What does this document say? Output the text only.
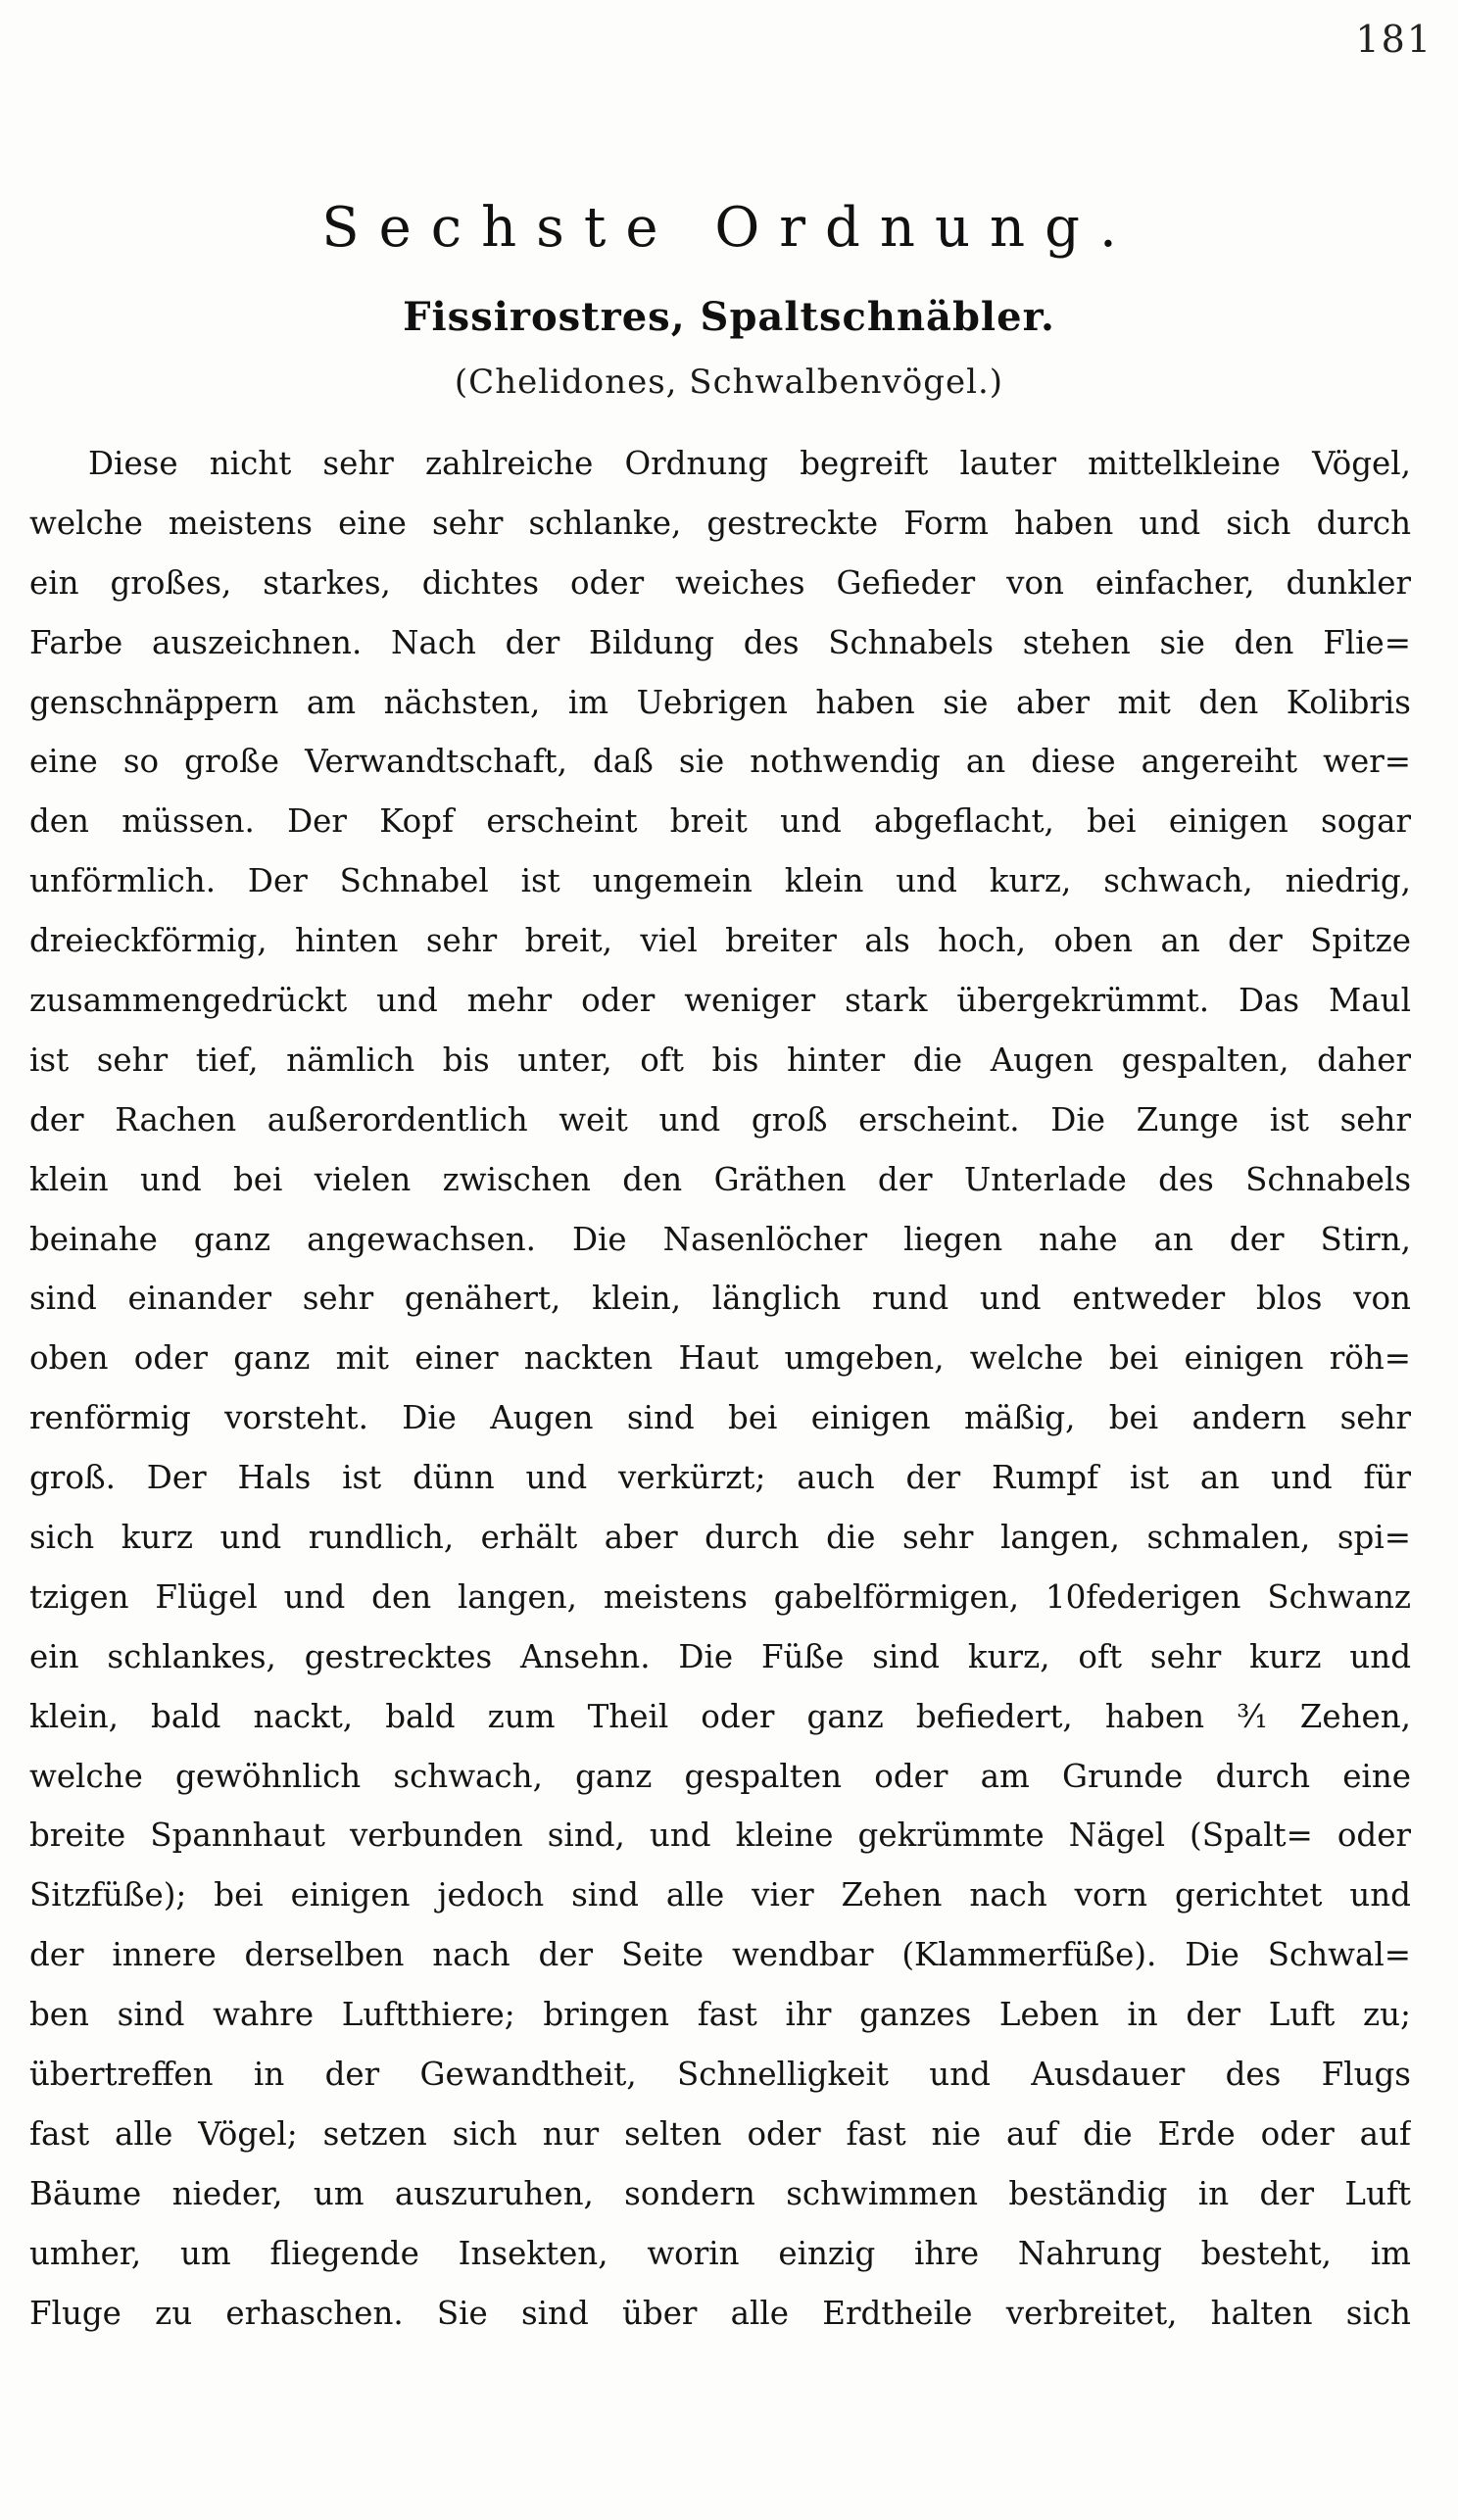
181
Sechste Ordnung.
Fissirostres, Spaltschnäbler.
(Chelidones, Schwalbenvögel.)
Diese nicht sehr zahlreiche Ordnung begreift lauter mittelkleine Vögel,
welche meistens eine sehr schlanke, gestreckte Form haben und sich durch
ein großes, starkes, dichtes oder weiches Gefieder von einfacher, dunkler
Farbe auszeichnen. Nach der Bildung des Schnabels stehen sie den Flie=
genschnäppern am nächsten, im Uebrigen haben sie aber mit den Kolibris
eine so große Verwandtschaft, daß sie nothwendig an diese angereiht wer=
den müssen. Der Kopf erscheint breit und abgeflacht, bei einigen sogar
unförmlich. Der Schnabel ist ungemein klein und kurz, schwach, niedrig,
dreieckförmig, hinten sehr breit, viel breiter als hoch, oben an der Spitze
zusammengedrückt und mehr oder weniger stark übergekrümmt. Das Maul
ist sehr tief, nämlich bis unter, oft bis hinter die Augen gespalten, daher
der Rachen außerordentlich weit und groß erscheint. Die Zunge ist sehr
klein und bei vielen zwischen den Gräthen der Unterlade des Schnabels
beinahe ganz angewachsen. Die Nasenlöcher liegen nahe an der Stirn,
sind einander sehr genähert, klein, länglich rund und entweder blos von
oben oder ganz mit einer nackten Haut umgeben, welche bei einigen röh=
renförmig vorsteht. Die Augen sind bei einigen mäßig, bei andern sehr
groß. Der Hals ist dünn und verkürzt; auch der Rumpf ist an und für
sich kurz und rundlich, erhält aber durch die sehr langen, schmalen, spi=
tzigen Flügel und den langen, meistens gabelförmigen, 10federigen Schwanz
ein schlankes, gestrecktes Ansehn. Die Füße sind kurz, oft sehr kurz und
klein, bald nackt, bald zum Theil oder ganz befiedert, haben ³⁄₁ Zehen,
welche gewöhnlich schwach, ganz gespalten oder am Grunde durch eine
breite Spannhaut verbunden sind, und kleine gekrümmte Nägel (Spalt= oder
Sitzfüße); bei einigen jedoch sind alle vier Zehen nach vorn gerichtet und
der innere derselben nach der Seite wendbar (Klammerfüße). Die Schwal=
ben sind wahre Luftthiere; bringen fast ihr ganzes Leben in der Luft zu;
übertreffen in der Gewandtheit, Schnelligkeit und Ausdauer des Flugs
fast alle Vögel; setzen sich nur selten oder fast nie auf die Erde oder auf
Bäume nieder, um auszuruhen, sondern schwimmen beständig in der Luft
umher, um fliegende Insekten, worin einzig ihre Nahrung besteht, im
Fluge zu erhaschen. Sie sind über alle Erdtheile verbreitet, halten sich
